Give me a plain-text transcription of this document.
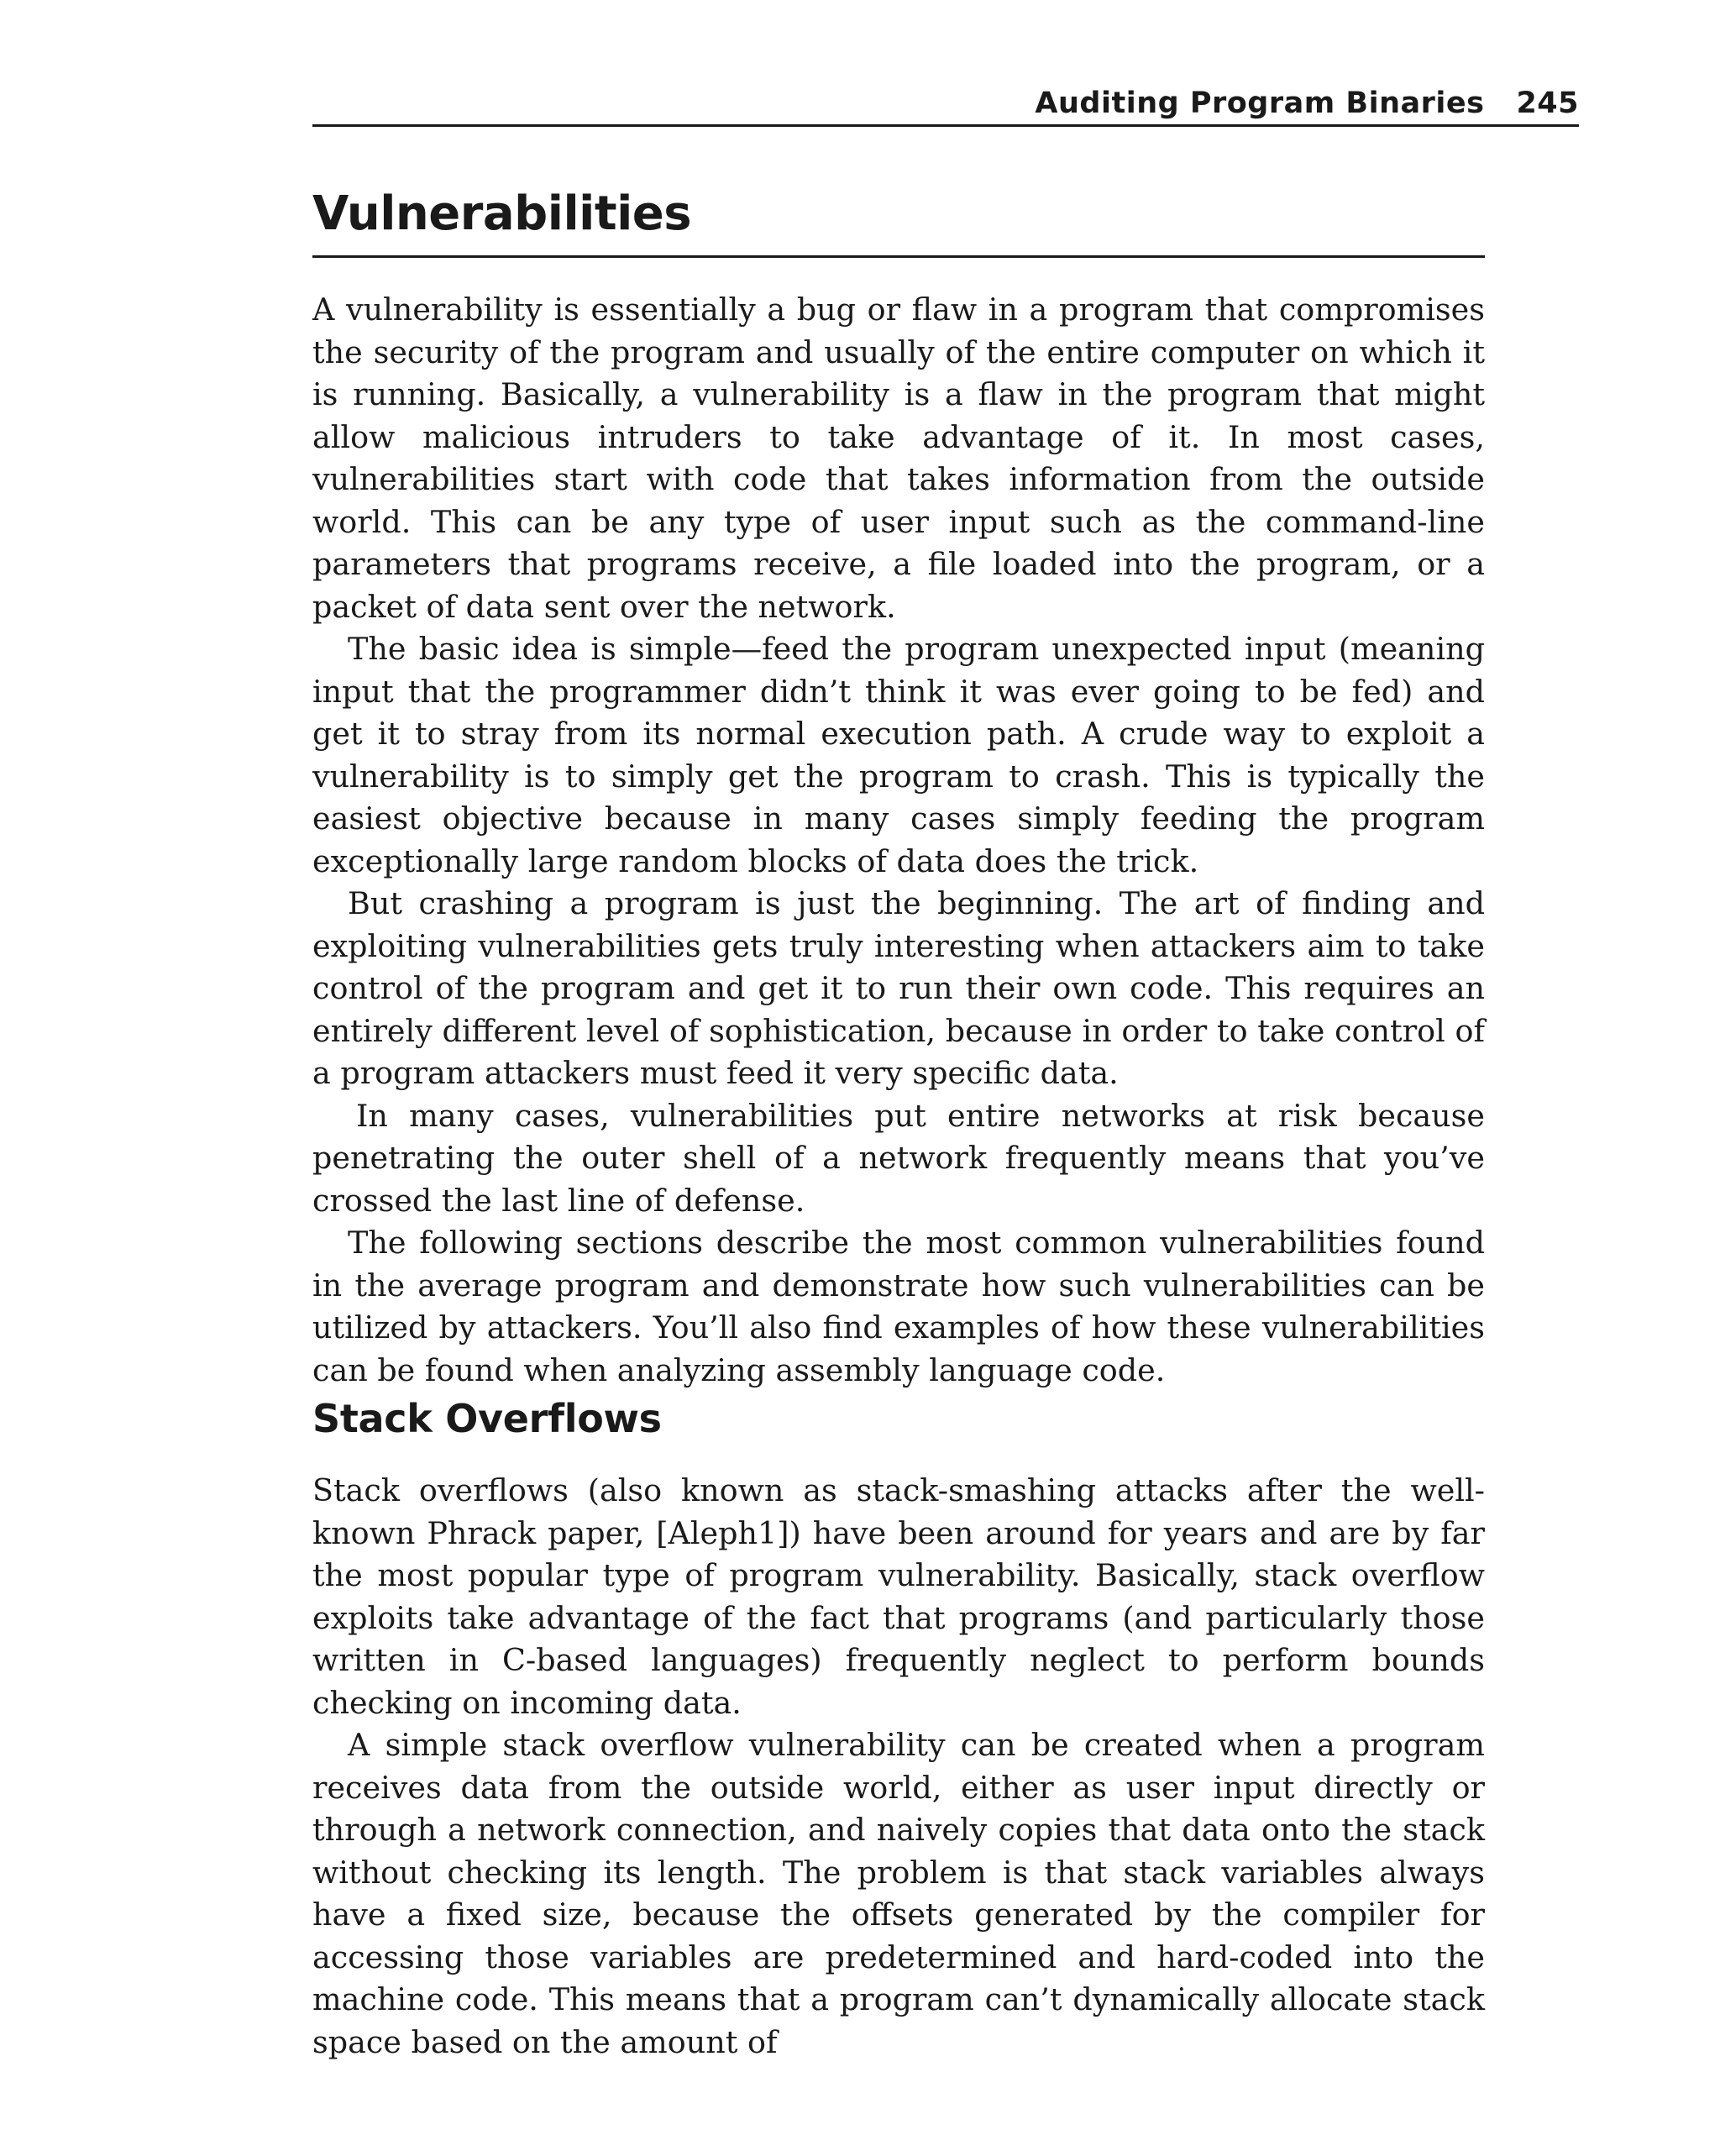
Auditing Program Binaries 245
Vulnerabilities

A vulnerability is essentially a bug or flaw in a program that compromises the security of the program and usually of the entire computer on which it is running. Basically, a vulnerability is a flaw in the program that might allow malicious intruders to take advantage of it. In most cases, vulnerabilities start with code that takes information from the outside world. This can be any type of user input such as the command-line parameters that programs receive, a file loaded into the program, or a packet of data sent over the network.

The basic idea is simple—feed the program unexpected input (meaning input that the programmer didn’t think it was ever going to be fed) and get it to stray from its normal execution path. A crude way to exploit a vulnerability is to simply get the program to crash. This is typically the easiest objective because in many cases simply feeding the program exceptionally large random blocks of data does the trick.

But crashing a program is just the beginning. The art of finding and exploiting vulnerabilities gets truly interesting when attackers aim to take control of the program and get it to run their own code. This requires an entirely different level of sophistication, because in order to take control of a program attackers must feed it very specific data.

In many cases, vulnerabilities put entire networks at risk because penetrating the outer shell of a network frequently means that you’ve crossed the last line of defense.

The following sections describe the most common vulnerabilities found in the average program and demonstrate how such vulnerabilities can be utilized by attackers. You’ll also find examples of how these vulnerabilities can be found when analyzing assembly language code.

Stack Overflows

Stack overflows (also known as stack-smashing attacks after the well-known Phrack paper, [Aleph1]) have been around for years and are by far the most popular type of program vulnerability. Basically, stack overflow exploits take advantage of the fact that programs (and particularly those written in C-based languages) frequently neglect to perform bounds checking on incoming data.

A simple stack overflow vulnerability can be created when a program receives data from the outside world, either as user input directly or through a network connection, and naively copies that data onto the stack without checking its length. The problem is that stack variables always have a fixed size, because the offsets generated by the compiler for accessing those variables are predetermined and hard-coded into the machine code. This means that a program can’t dynamically allocate stack space based on the amount of
